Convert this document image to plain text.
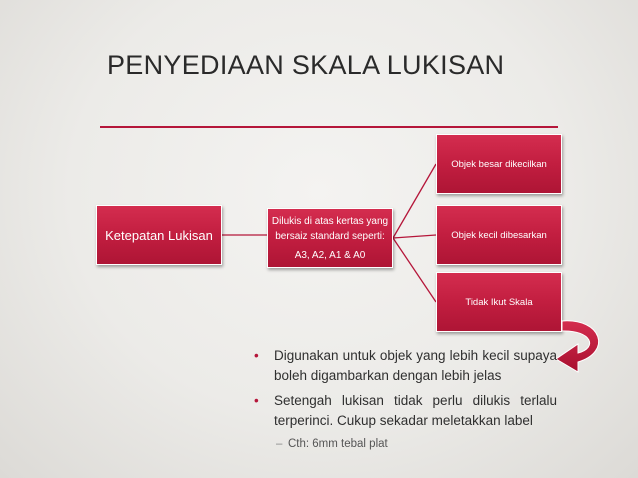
PENYEDIAAN SKALA LUKISAN
Ketepatan Lukisan
Dilukis di atas kertas yang
bersaiz standard seperti:
A3, A2, A1 & A0
Objek besar dikecilkan
Objek kecil dibesarkan
Tidak Ikut Skala
• Digunakan untuk objek yang lebih kecil supaya boleh digambarkan dengan lebih jelas
• Setengah lukisan tidak perlu dilukis terlalu terperinci. Cukup sekadar meletakkan label
– Cth: 6mm tebal plat
